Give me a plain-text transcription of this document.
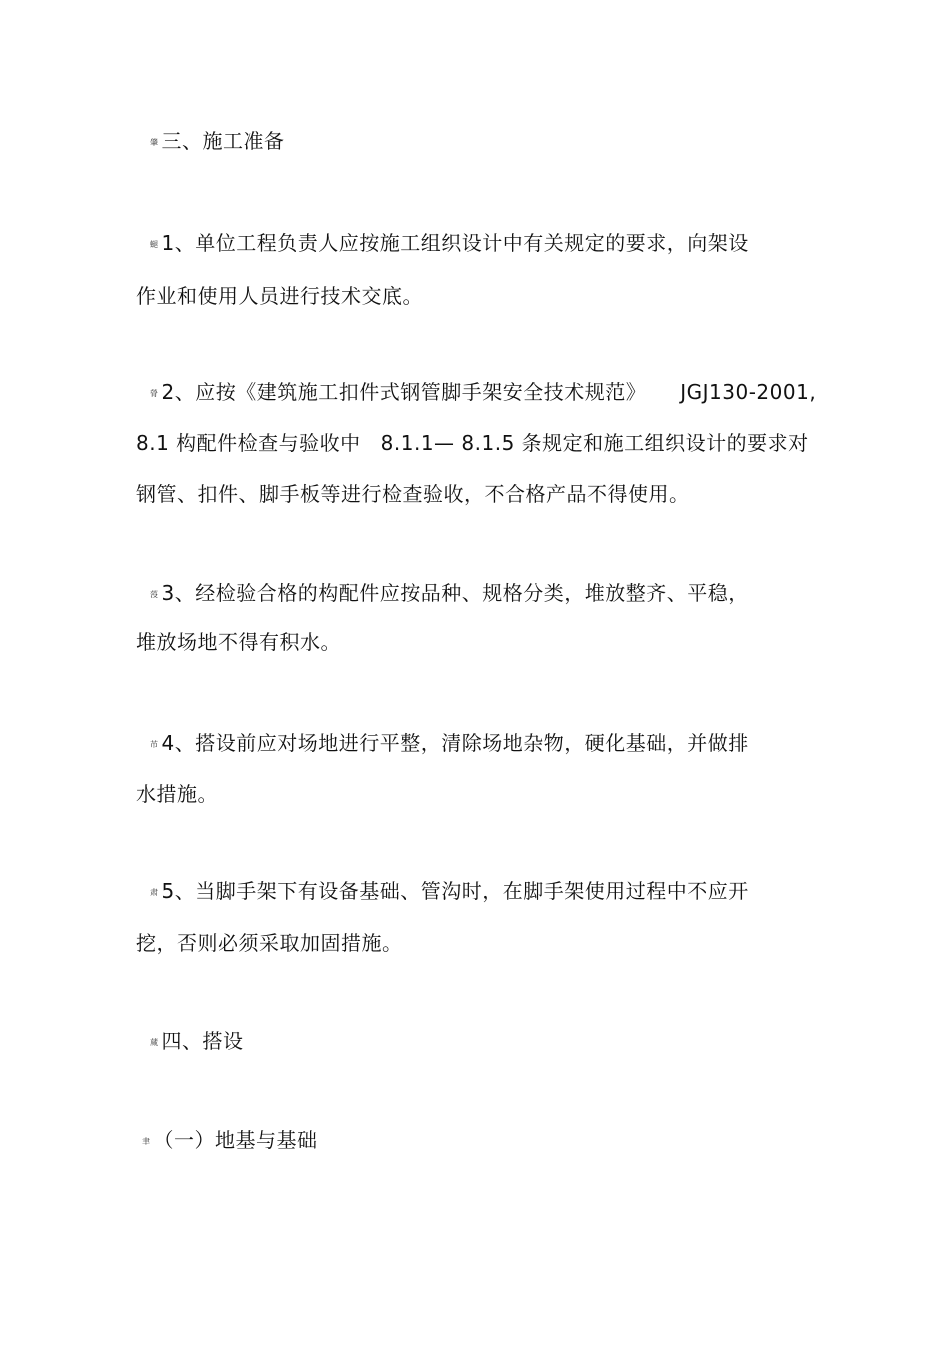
肇 三、施工准备
螁 1、单位工程负责人应按施工组织设计中有关规定的要求，向架设
作业和使用人员进行技术交底。
膋 2、应按《建筑施工扣件式钢管脚手架安全技术规范》 JGJ130-2001,
8.1 构配件检查与验收中 8.1.1— 8.1.5 条规定和施工组织设计的要求对
钢管、扣件、脚手板等进行检查验收，不合格产品不得使用。
莈 3、经检验合格的构配件应按品种、规格分类，堆放整齐、平稳，
堆放场地不得有积水。
芇 4、搭设前应对场地进行平整，清除场地杂物，硬化基础，并做排
水措施。
肃 5、当脚手架下有设备基础、管沟时，在脚手架使用过程中不应开
挖，否则必须采取加固措施。
蒇 四、搭设
聿 （一）地基与基础
